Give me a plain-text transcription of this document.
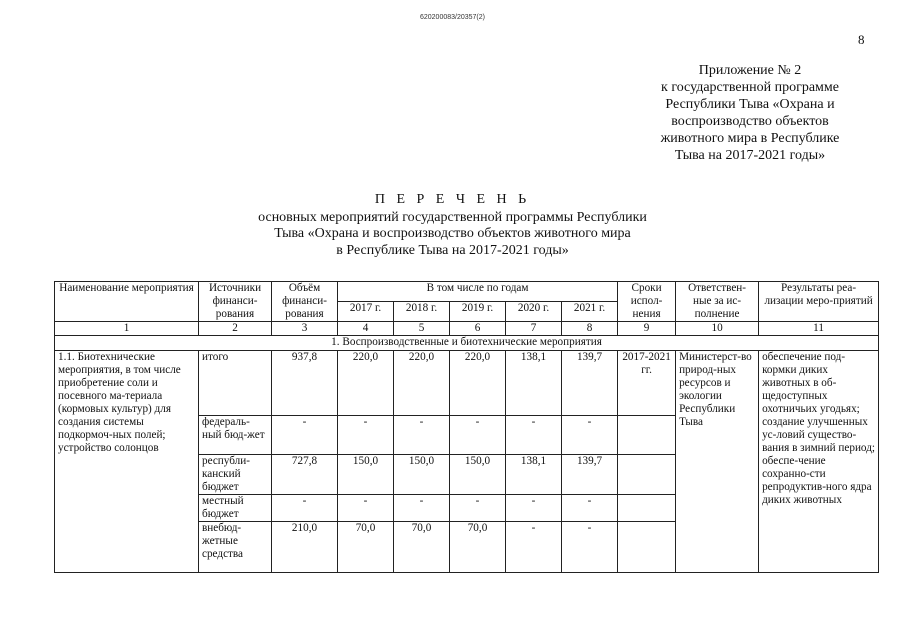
620200083/20357(2)
8
Приложение № 2
к государственной программе
Республики Тыва «Охрана и
воспроизводство объектов
животного мира в Республике
Тыва на 2017-2021 годы»
П Е Р Е Ч Е Н Ь
основных мероприятий государственной программы Республики
Тыва «Охрана и воспроизводство объектов животного мира
в Республике Тыва на 2017-2021 годы»
Наименование мероприятия	Источники финанси-рования	Объём финанси-рования	В том числе по годам					Сроки испол-нения	Ответствен-ные за ис-полнение	Результаты реа-лизации меро-приятий
			2017 г.	2018 г.	2019 г.	2020 г.	2021 г.			
1	2	3	4	5	6	7	8	9	10	11
1. Воспроизводственные и биотехнические мероприятия										
1.1. Биотехнические мероприятия, в том числе приобретение соли и посевного ма-териала (кормовых культур) для создания системы подкормоч-ных полей; устройство солонцов	итого	937,8	220,0	220,0	220,0	138,1	139,7	2017-2021 гг.	Министерст-во природ-ных ресурсов и экологии Республики Тыва	обеспечение под-кормки диких животных в об-щедоступных охотничьих угодьях; создание улучшенных ус-ловий существо-вания в зимний период; обеспе-чение сохранно-сти репродуктив-ного ядра диких животных
	федераль-ный бюд-жет	-	-	-	-	-	-			
	республи-канский бюджет	727,8	150,0	150,0	150,0	138,1	139,7			
	местный бюджет	-	-	-	-	-	-			
	внебюд-жетные средства	210,0	70,0	70,0	70,0	-	-			
